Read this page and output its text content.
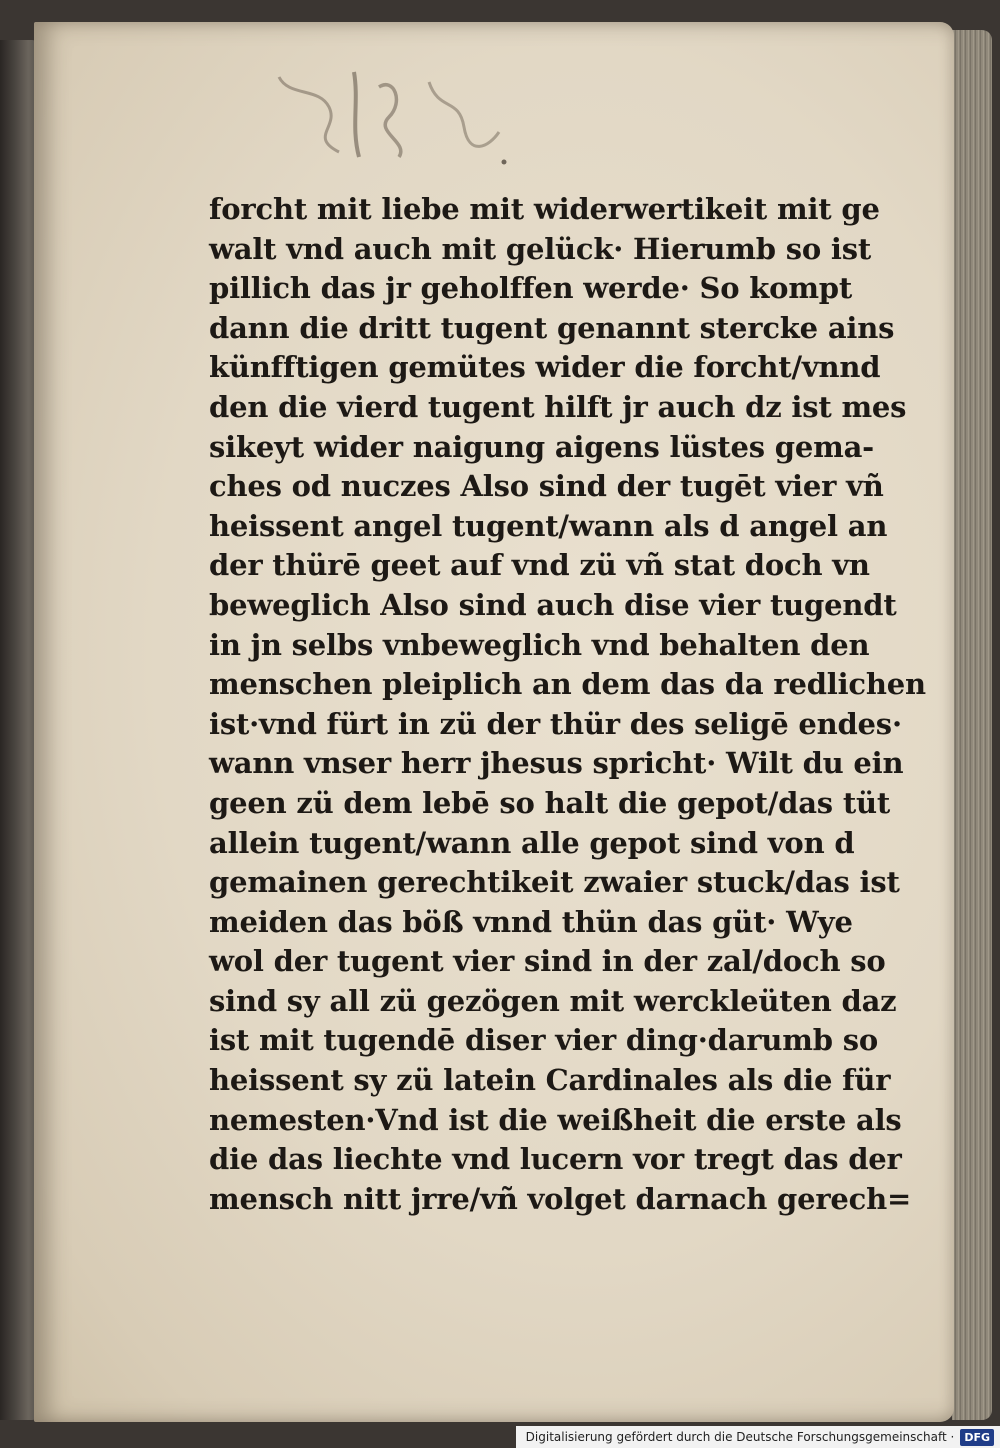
forcht mit liebe mit widerwertikeit mit ge
walt vnd auch mit gelück· Hierumb so ist
pillich das jr geholffen werde· So kompt
dann die dritt tugent genannt stercke ains
künfftigen gemütes wider die forcht/vnnd
den die vierd tugent hilft jr auch dz ist mes
sikeyt wider naigung aigens lüstes gema-
ches od nuczes Also sind der tugēt vier vñ
heissent angel tugent/wann als d angel an
der thürē geet auf vnd zü vñ stat doch vn
beweglich Also sind auch dise vier tugendt
in jn selbs vnbeweglich vnd behalten den
menschen pleiplich an dem das da redlichen
ist·vnd fürt in zü der thür des seligē endes·
wann vnser herr jhesus spricht· Wilt du ein
geen zü dem lebē so halt die gepot/das tüt
allein tugent/wann alle gepot sind von d
gemainen gerechtikeit zwaier stuck/das ist
meiden das böß vnnd thün das güt· Wye
wol der tugent vier sind in der zal/doch so
sind sy all zü gezögen mit wercklеüten daz
ist mit tugendē diser vier ding·darumb so
heissent sy zü latein Cardinales als die für
nemesten·Vnd ist die weißheit die erste als
die das liechte vnd lucern vor tregt das der
mensch nitt jrre/vñ volget darnach gerech=
Digitalisierung gefördert durch die Deutsche Forschungsgemeinschaft · DFG
